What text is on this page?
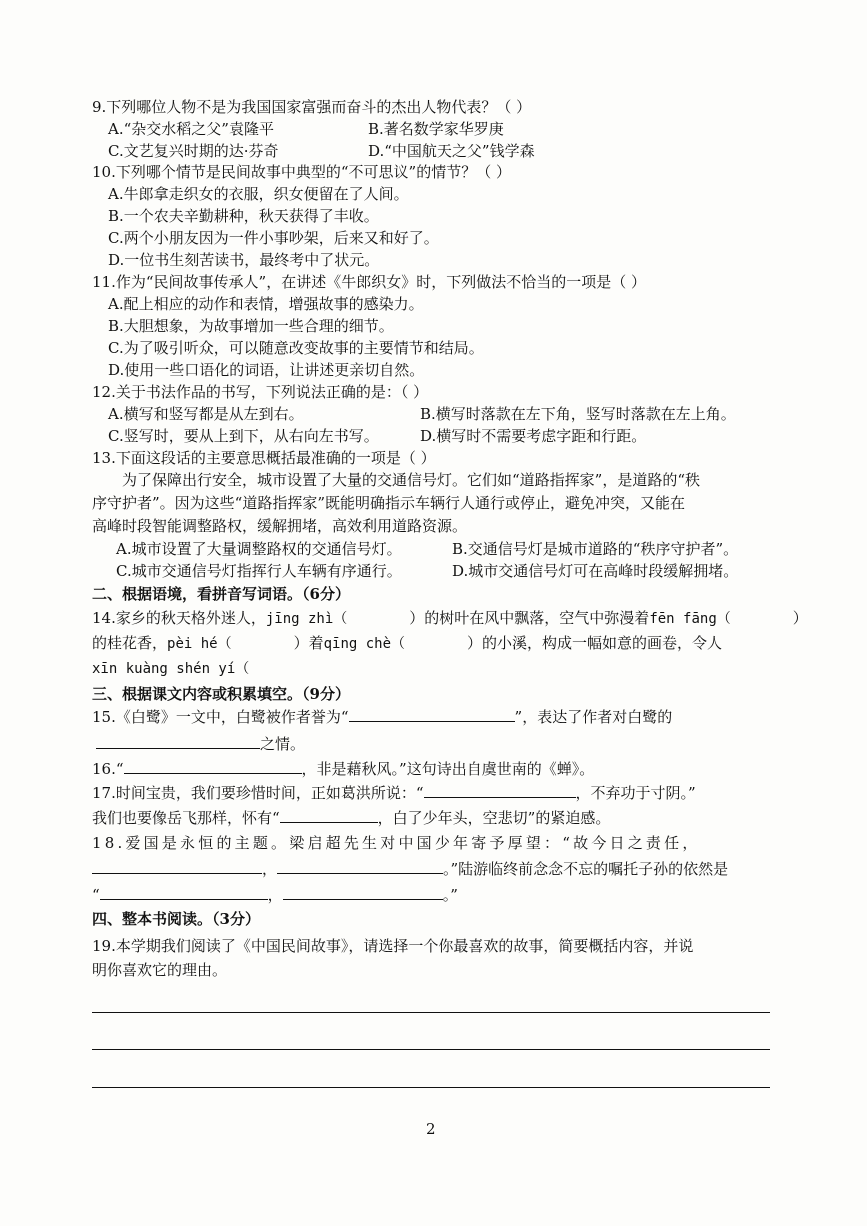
9.下列哪位人物不是为我国国家富强而奋斗的杰出人物代表？（ ）
A.“杂交水稻之父”袁隆平	B.著名数学家华罗庚
C.文艺复兴时期的达·芬奇	D.“中国航天之父”钱学森
10.下列哪个情节是民间故事中典型的“不可思议”的情节？（ ）
A.牛郎拿走织女的衣服，织女便留在了人间。
B.一个农夫辛勤耕种，秋天获得了丰收。
C.两个小朋友因为一件小事吵架，后来又和好了。
D.一位书生刻苦读书，最终考中了状元。
11.作为“民间故事传承人”，在讲述《牛郎织女》时，下列做法不恰当的一项是（ ）
A.配上相应的动作和表情，增强故事的感染力。
B.大胆想象，为故事增加一些合理的细节。
C.为了吸引听众，可以随意改变故事的主要情节和结局。
D.使用一些口语化的词语，让讲述更亲切自然。
12.关于书法作品的书写，下列说法正确的是：（ ）
A.横写和竖写都是从左到右。	B.横写时落款在左下角，竖写时落款在左上角。
C.竖写时，要从上到下，从右向左书写。	D.横写时不需要考虑字距和行距。
13.下面这段话的主要意思概括最准确的一项是（ ）
为了保障出行安全，城市设置了大量的交通信号灯。它们如“道路指挥家”，是道路的“秩
序守护者”。因为这些“道路指挥家”既能明确指示车辆行人通行或停止，避免冲突，又能在
高峰时段智能调整路权，缓解拥堵，高效利用道路资源。
A.城市设置了大量调整路权的交通信号灯。	B.交通信号灯是城市道路的“秩序守护者”。
C.城市交通信号灯指挥行人车辆有序通行。	D.城市交通信号灯可在高峰时段缓解拥堵。
二、根据语境，看拼音写词语。（6分）
14.家乡的秋天格外迷人，jīng zhì（	）的树叶在风中飘落，空气中弥漫着fēn fāng（	）
的桂花香，pèi hé（	）着qīng chè（	）的小溪，构成一幅如意的画卷，令人
xīn kuàng shén yí（
三、根据课文内容或积累填空。（9分）
15.《白鹭》一文中，白鹭被作者誉为“	”，表达了作者对白鹭的
之情。
16.“	，非是藉秋风。”这句诗出自虞世南的《蝉》。
17.时间宝贵，我们要珍惜时间，正如葛洪所说：“	，不弃功于寸阴。”
我们也要像岳飞那样，怀有“	，白了少年头，空悲切”的紧迫感。
18.爱国是永恒的主题。梁启超先生对中国少年寄予厚望：“故今日之责任，
，	。”陆游临终前念念不忘的嘱托子孙的依然是
“	，	。”
四、整本书阅读。（3分）
19.本学期我们阅读了《中国民间故事》，请选择一个你最喜欢的故事，简要概括内容，并说
明你喜欢它的理由。
2
